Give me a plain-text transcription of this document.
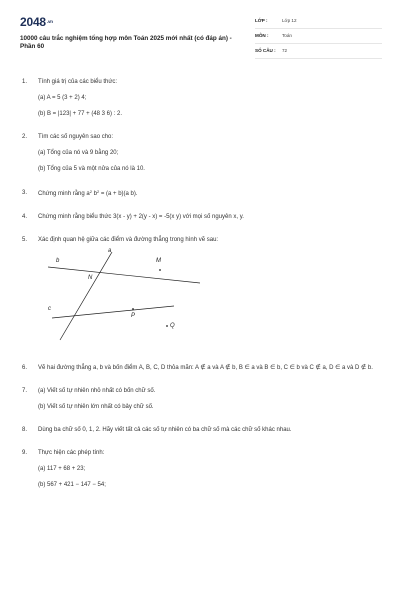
$2048^{.vn}$
10000 câu trắc nghiệm tổng hợp môn Toán 2025 mới nhất (có đáp án) - Phần 60
LỚP :	Lớp 12
MÔN :	Toán
SỐ CÂU : 72
1. Tính giá trị của các biểu thức:
(a) A = 5 (3 + 2) 4;
(b) B = |123| + 77 + (48 3 6) : 2.
2. Tìm các số nguyên sao cho:
(a) Tổng của nó và 9 bằng 20;
(b) Tổng của 5 và một nửa của nó là 10.
3. Chứng minh rằng $a^2$ $b^2 = (a + b)(a$ b).
4. Chứng minh rằng biểu thức 3(x - y) + 2(y - x) = -5(x y) với mọi số nguyên x, y.
5. Xác định quan hệ giữa các điểm và đường thẳng trong hình vẽ sau:
a
b
c
M
N
P
Q
6. Vẽ hai đường thẳng a, b và bốn điểm A, B, C, D thỏa mãn: A ∉ a và A ∉ b, B ∈ a và B ∈ b, C ∈ b và C ∉ a, D ∈ a và D ∉ b.
7. (a) Viết số tự nhiên nhỏ nhất có bốn chữ số.
(b) Viết số tự nhiên lớn nhất có bảy chữ số.
8. Dùng ba chữ số 0, 1, 2. Hãy viết tất cả các số tự nhiên có ba chữ số mà các chữ số khác nhau.
9. Thực hiện các phép tính:
(a) 117 + 68 + 23;
(b) 567 + 421 − 147 − 54;
